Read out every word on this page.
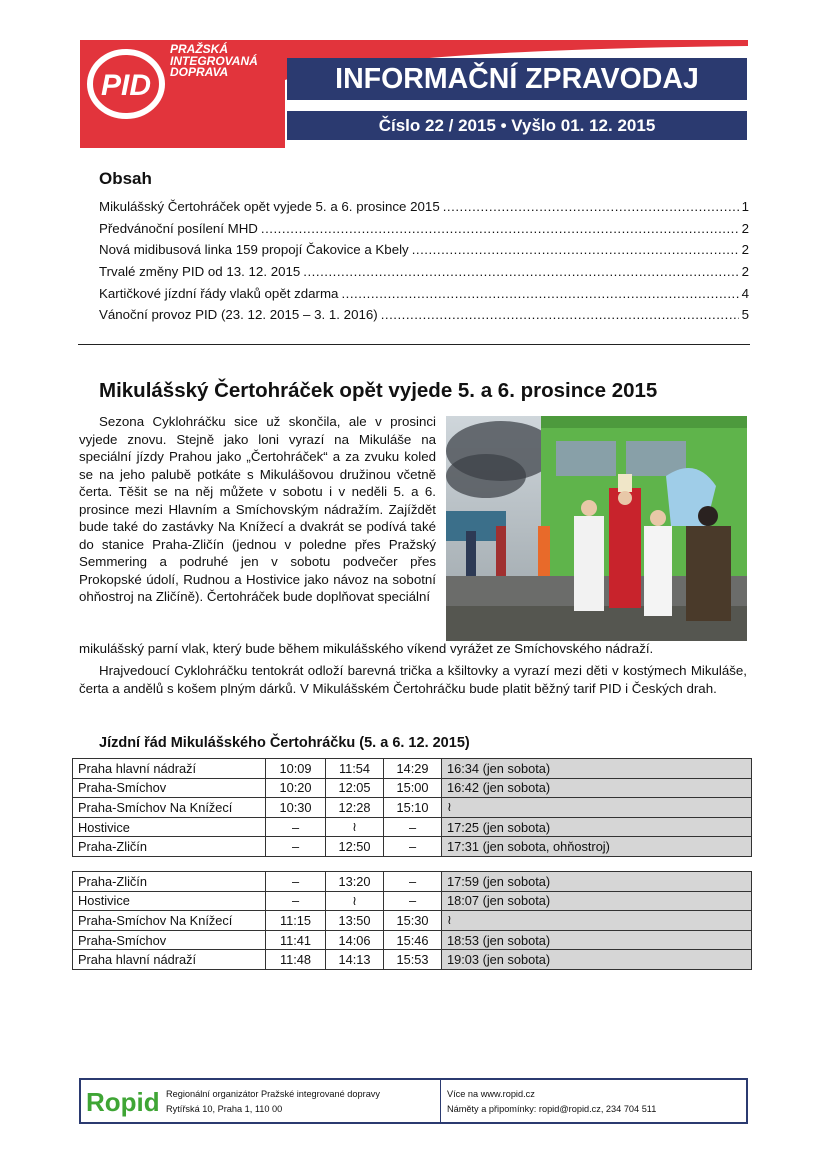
PID
PRAŽSKÁ
INTEGROVANÁ
DOPRAVA	INFORMAČNÍ ZPRAVODAJ
Číslo 22 / 2015 • Vyšlo 01. 12. 2015
Obsah
Mikulášský Čertohráček opět vyjede 5. a 6. prosince 2015 .....	1
Předvánoční posílení MHD .....	2
Nová midibusová linka 159 propojí Čakovice a Kbely .....	2
Trvalé změny PID od 13. 12. 2015 .....	2
Kartičkové jízdní řády vlaků opět zdarma .....	4
Vánoční provoz PID (23. 12. 2015 – 3. 1. 2016) .....	5
Mikulášský Čertohráček opět vyjede 5. a 6. prosince 2015

Sezona Cyklohráčku sice už skončila, ale v prosinci vyjede znovu. Stejně jako loni vyrazí na Mikuláše na speciální jízdy Prahou jako „Čertohráček“ a za zvuku koled se na jeho palubě potkáte s Mikulášovou družinou včetně čerta. Těšit se na něj můžete v sobotu i v neděli 5. a 6. prosince mezi Hlavním a Smíchovským nádražím. Zajíždět bude také do zastávky Na Knížecí a dvakrát se podívá také do stanice Praha-Zličín (jednou v poledne přes Pražský Semmering a podruhé jen v sobotu podvečer přes Prokopské údolí, Rudnou a Hostivice jako návoz na sobotní ohňostroj na Zličíně). Čertohráček bude doplňovat speciální

mikulášský parní vlak, který bude během mikulášského víkend vyrážet ze Smíchovského nádraží.

Hrajvedoucí Cyklohráčku tentokrát odloží barevná trička a kšiltovky a vyrazí mezi děti v kostýmech Mikuláše, čerta a andělů s košem plným dárků. V Mikulášském Čertohráčku bude platit běžný tarif PID i Českých drah.

Jízdní řád Mikulášského Čertohráčku (5. a 6. 12. 2015)
Praha hlavní nádraží	10:09	11:54	14:29	16:34 (jen sobota)
Praha-Smíchov	10:20	12:05	15:00	16:42 (jen sobota)
Praha-Smíchov Na Knížecí	10:30	12:28	15:10	≀
Hostivice	–	≀	–	17:25 (jen sobota)
Praha-Zličín	–	12:50	–	17:31 (jen sobota, ohňostroj)
Praha-Zličín	–	13:20	–	17:59 (jen sobota)
Hostivice	–	≀	–	18:07 (jen sobota)
Praha-Smíchov Na Knížecí	11:15	13:50	15:30	≀
Praha-Smíchov	11:41	14:06	15:46	18:53 (jen sobota)
Praha hlavní nádraží	11:48	14:13	15:53	19:03 (jen sobota)
Ropid Regionální organizátor Pražské integrované dopravy
Rytířská 10, Praha 1, 110 00
Více na www.ropid.cz
Náměty a připomínky: ropid@ropid.cz, 234 704 511
